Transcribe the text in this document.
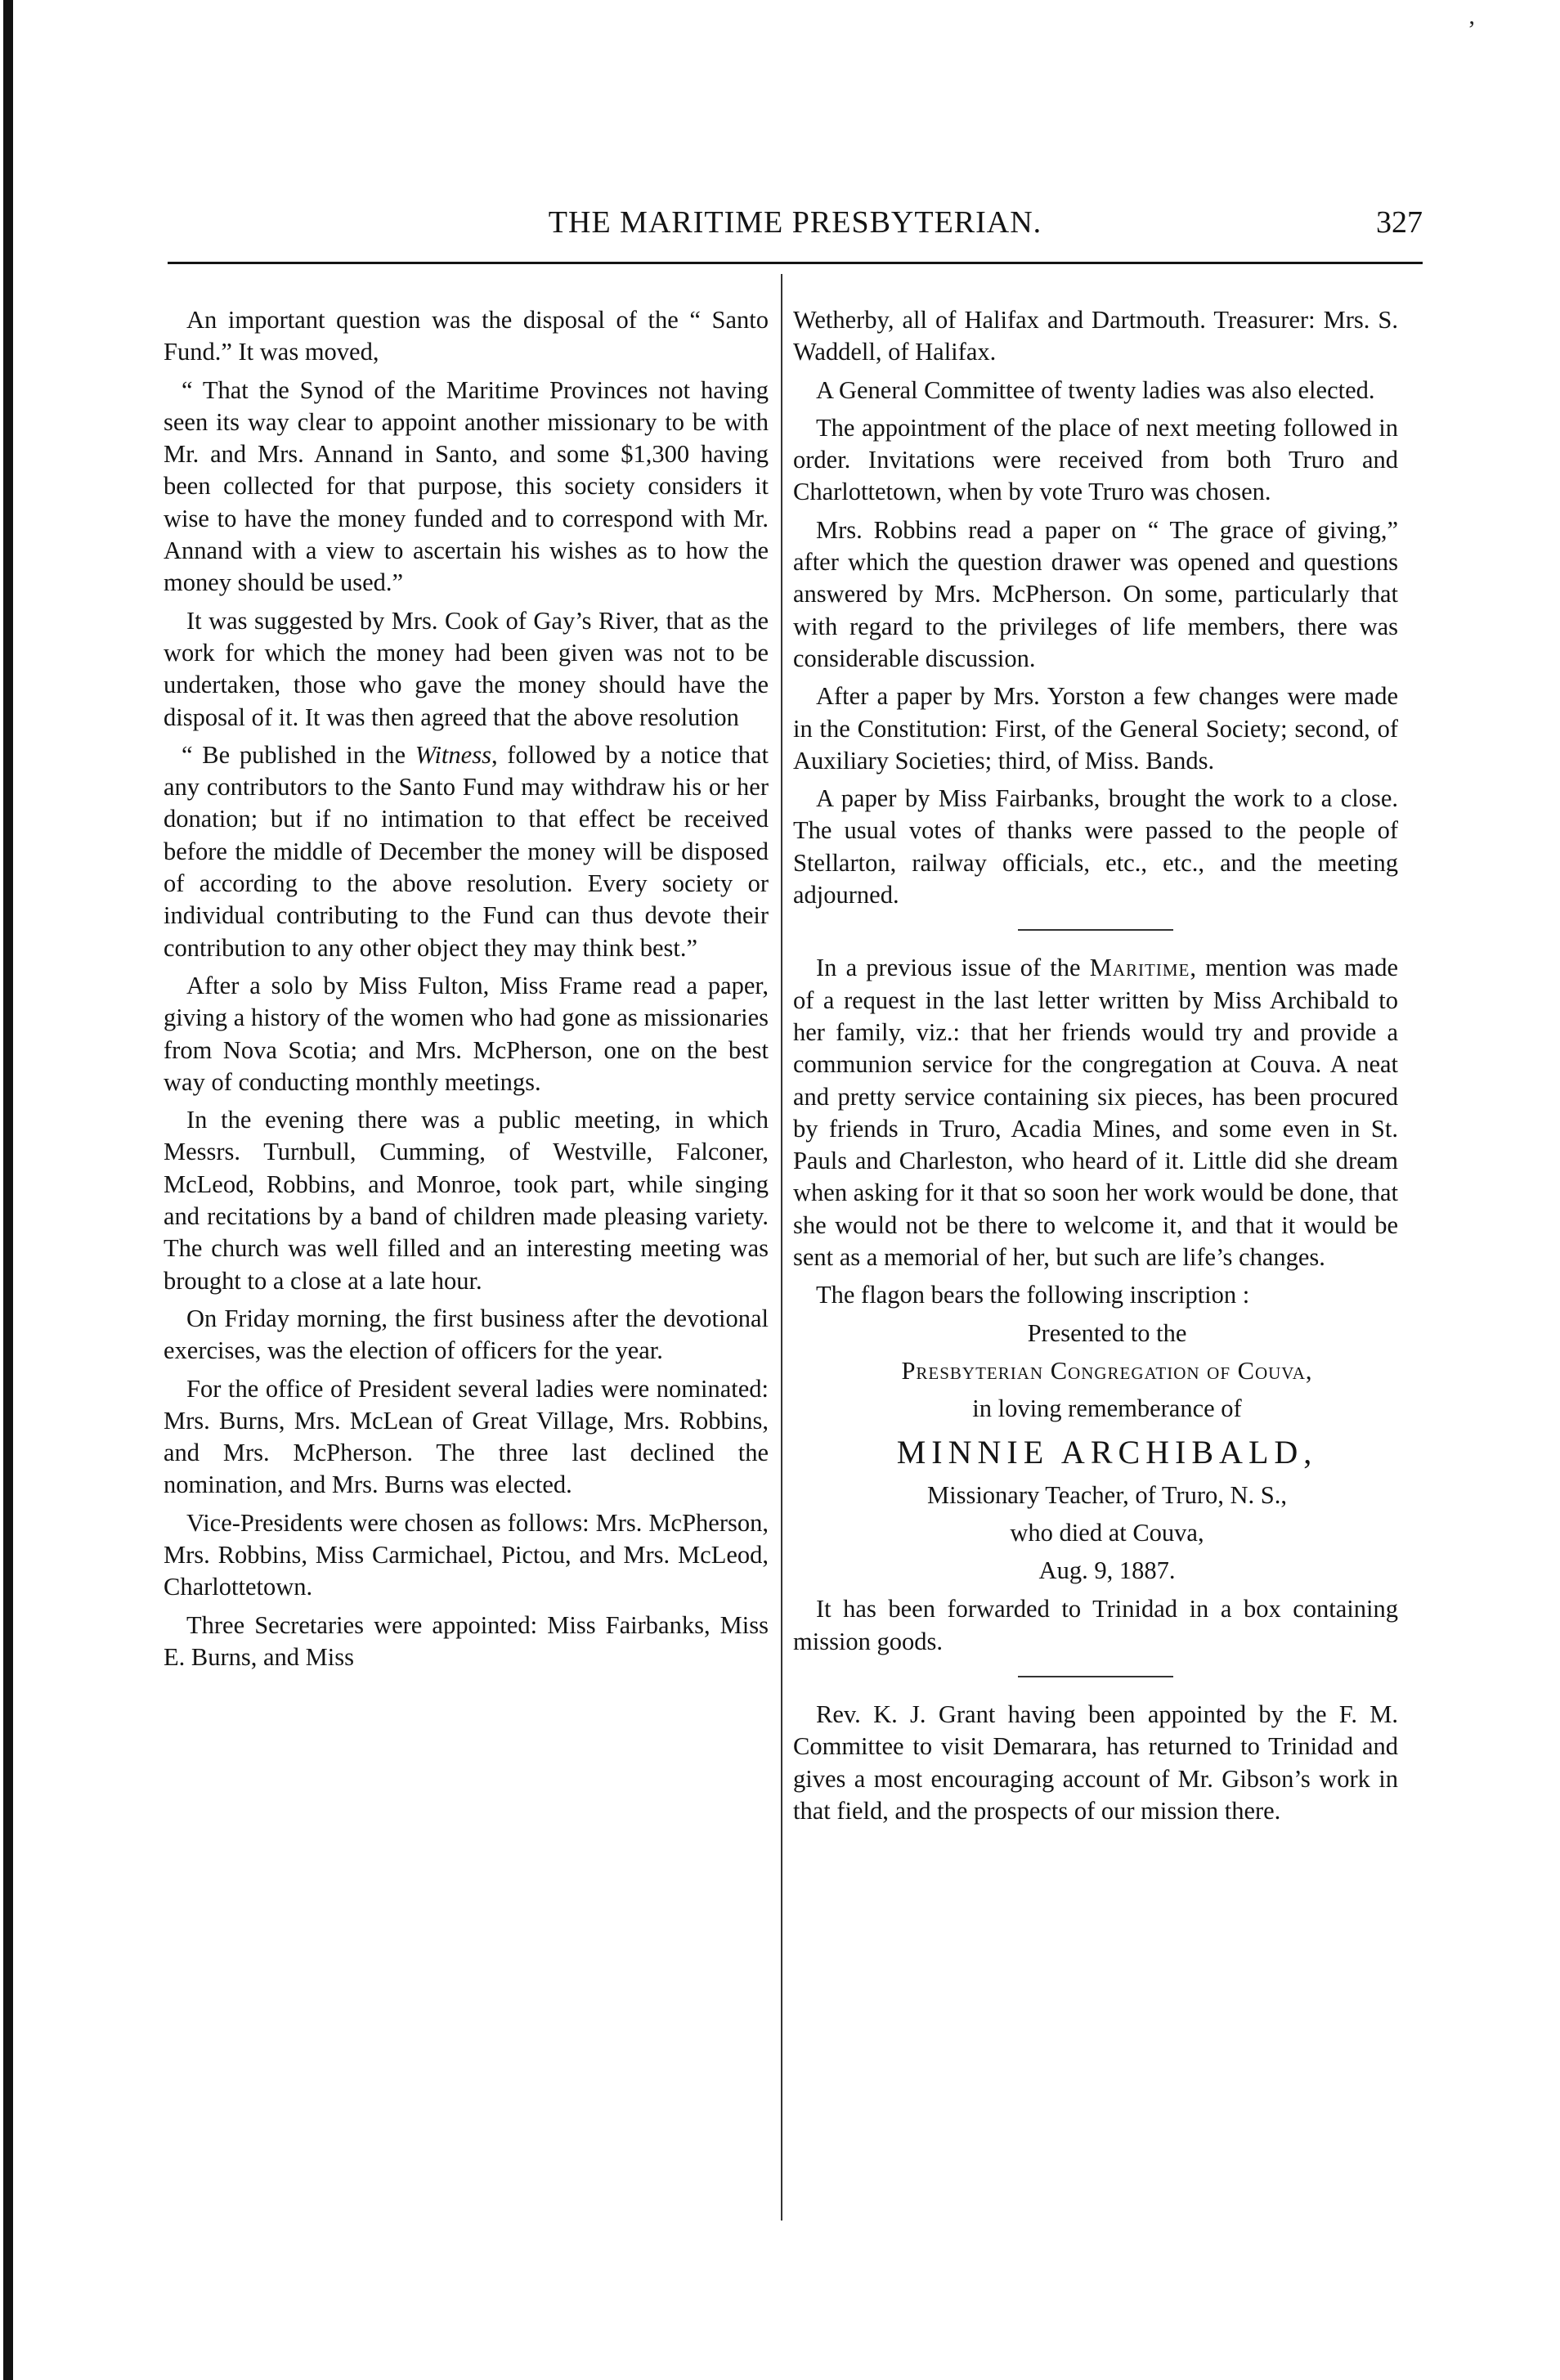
ʼ
THE MARITIME PRESBYTERIAN.	327

An important question was the disposal of the “ Santo Fund.” It was moved,

“ That the Synod of the Maritime Provinces not having seen its way clear to appoint another missionary to be with Mr. and Mrs. Annand in Santo, and some $1,300 having been collected for that purpose, this society considers it wise to have the money funded and to correspond with Mr. Annand with a view to ascertain his wishes as to how the money should be used.”

It was suggested by Mrs. Cook of Gay’s River, that as the work for which the money had been given was not to be undertaken, those who gave the money should have the disposal of it. It was then agreed that the above resolution

“ Be published in the Witness, followed by a notice that any contributors to the Santo Fund may withdraw his or her donation; but if no intimation to that effect be received before the middle of December the money will be disposed of according to the above resolution. Every society or individual contributing to the Fund can thus devote their contribution to any other object they may think best.”

After a solo by Miss Fulton, Miss Frame read a paper, giving a history of the women who had gone as missionaries from Nova Scotia; and Mrs. McPherson, one on the best way of conducting monthly meetings.

In the evening there was a public meeting, in which Messrs. Turnbull, Cumming, of Westville, Falconer, McLeod, Robbins, and Monroe, took part, while singing and recitations by a band of children made pleasing variety. The church was well filled and an interesting meeting was brought to a close at a late hour.

On Friday morning, the first business after the devotional exercises, was the election of officers for the year.

For the office of President several ladies were nominated: Mrs. Burns, Mrs. McLean of Great Village, Mrs. Robbins, and Mrs. McPherson. The three last declined the nomination, and Mrs. Burns was elected.

Vice-Presidents were chosen as follows: Mrs. McPherson, Mrs. Robbins, Miss Carmichael, Pictou, and Mrs. McLeod, Charlottetown.

Three Secretaries were appointed: Miss Fairbanks, Miss E. Burns, and Miss

Wetherby, all of Halifax and Dartmouth. Treasurer: Mrs. S. Waddell, of Halifax.

A General Committee of twenty ladies was also elected.

The appointment of the place of next meeting followed in order. Invitations were received from both Truro and Charlottetown, when by vote Truro was chosen.

Mrs. Robbins read a paper on “ The grace of giving,” after which the question drawer was opened and questions answered by Mrs. McPherson. On some, particularly that with regard to the privileges of life members, there was considerable discussion.

After a paper by Mrs. Yorston a few changes were made in the Constitution: First, of the General Society; second, of Auxiliary Societies; third, of Miss. Bands.

A paper by Miss Fairbanks, brought the work to a close. The usual votes of thanks were passed to the people of Stellarton, railway officials, etc., etc., and the meeting adjourned.

In a previous issue of the Maritime, mention was made of a request in the last letter written by Miss Archibald to her family, viz.: that her friends would try and provide a communion service for the congregation at Couva. A neat and pretty service containing six pieces, has been procured by friends in Truro, Acadia Mines, and some even in St. Pauls and Charleston, who heard of it. Little did she dream when asking for it that so soon her work would be done, that she would not be there to welcome it, and that it would be sent as a memorial of her, but such are life’s changes.

The flagon bears the following inscription :

Presented to the

Presbyterian Congregation of Couva,

in loving rememberance of

MINNIE ARCHIBALD,

Missionary Teacher, of Truro, N. S.,

who died at Couva,

Aug. 9, 1887.

It has been forwarded to Trinidad in a box containing mission goods.

Rev. K. J. Grant having been appointed by the F. M. Committee to visit Demarara, has returned to Trinidad and gives a most encouraging account of Mr. Gibson’s work in that field, and the prospects of our mission there.
